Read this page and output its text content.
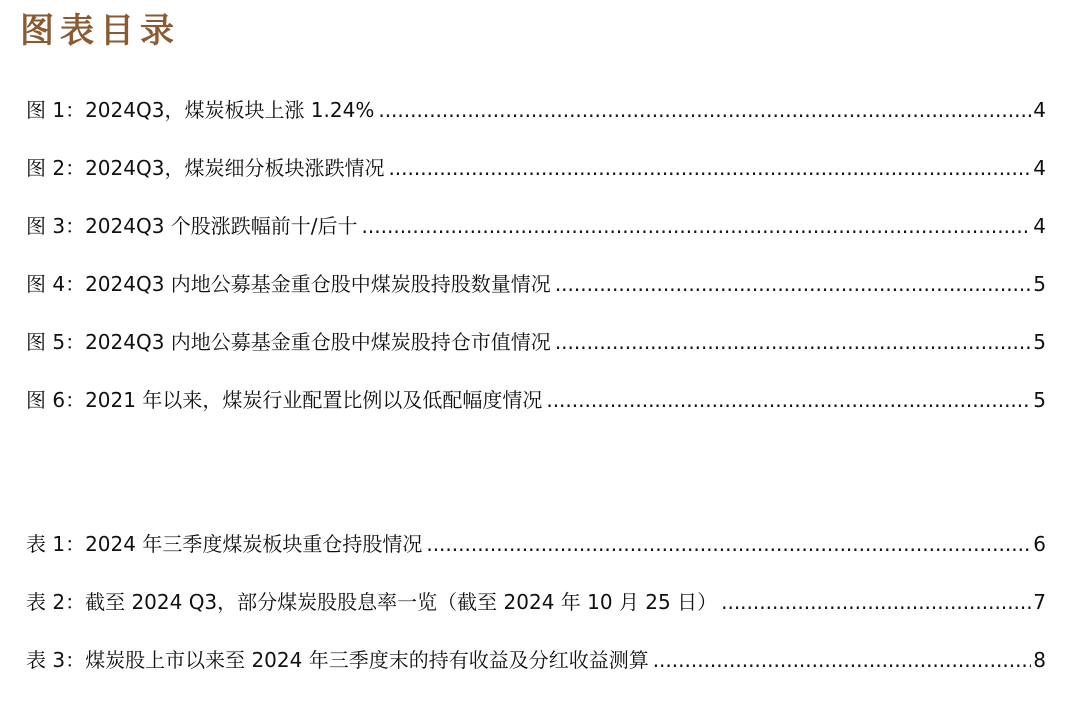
图表目录
图 1：2024Q3，煤炭板块上涨 1.24% .....	4
图 2：2024Q3，煤炭细分板块涨跌情况 .....	4
图 3：2024Q3 个股涨跌幅前十/后十 .....	4
图 4：2024Q3 内地公募基金重仓股中煤炭股持股数量情况 .....	5
图 5：2024Q3 内地公募基金重仓股中煤炭股持仓市值情况 .....	5
图 6：2021 年以来，煤炭行业配置比例以及低配幅度情况 .....	5
表 1：2024 年三季度煤炭板块重仓持股情况 .....	6
表 2：截至 2024 Q3，部分煤炭股股息率一览（截至 2024 年 10 月 25 日） .....	7
表 3：煤炭股上市以来至 2024 年三季度末的持有收益及分红收益测算 .....	8
